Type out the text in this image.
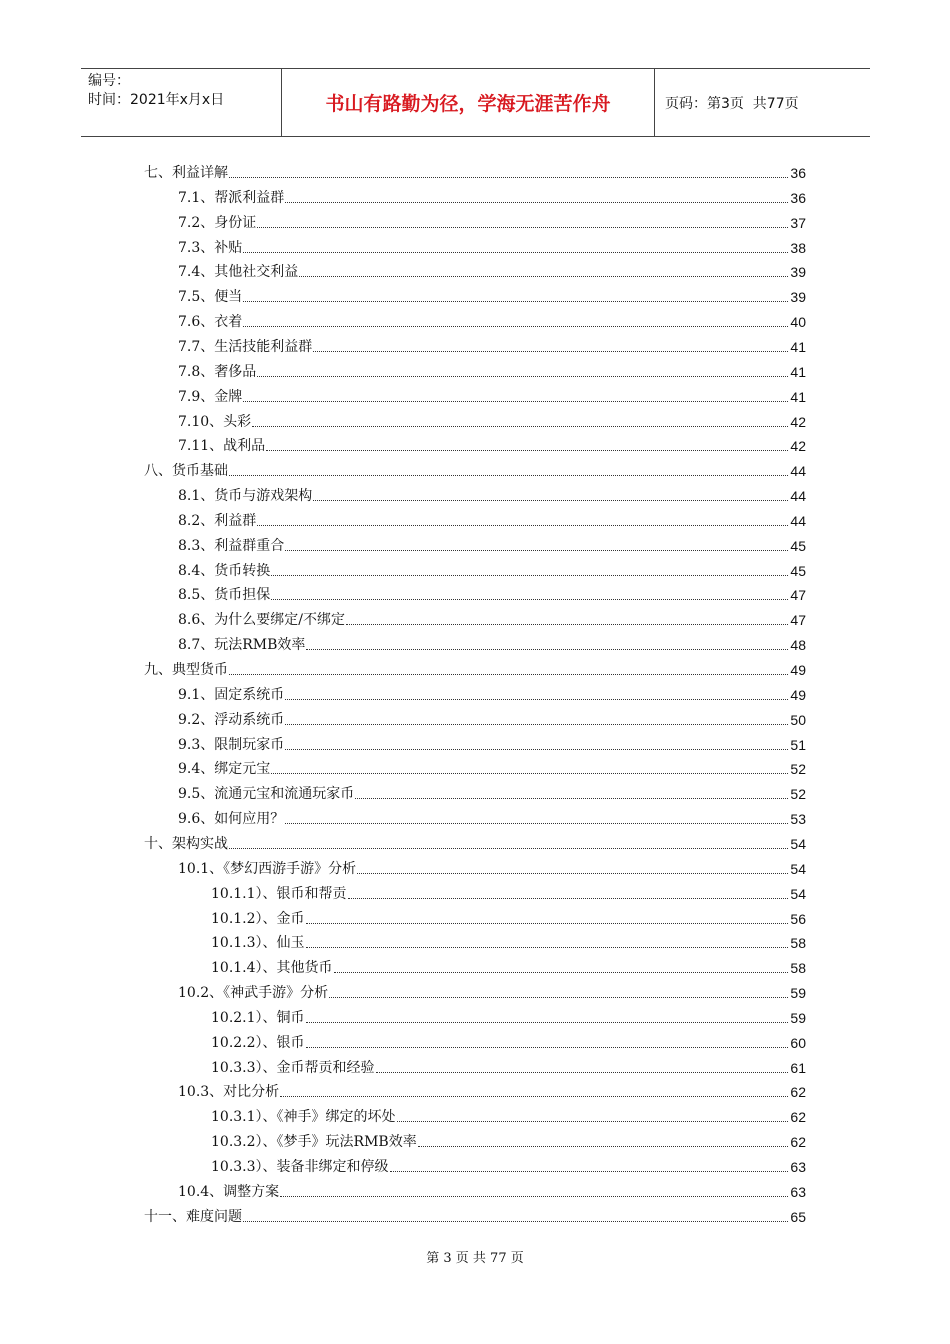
编号：
时间：2021年x月x日	书山有路勤为径，学海无涯苦作舟	页码：第3页  共77页
七、利益详解	36
7.1、帮派利益群	36
7.2、身份证	37
7.3、补贴	38
7.4、其他社交利益	39
7.5、便当	39
7.6、衣着	40
7.7、生活技能利益群	41
7.8、奢侈品	41
7.9、金牌	41
7.10、头彩	42
7.11、战利品	42
八、货币基础	44
8.1、货币与游戏架构	44
8.2、利益群	44
8.3、利益群重合	45
8.4、货币转换	45
8.5、货币担保	47
8.6、为什么要绑定/不绑定	47
8.7、玩法RMB效率	48
九、典型货币	49
9.1、固定系统币	49
9.2、浮动系统币	50
9.3、限制玩家币	51
9.4、绑定元宝	52
9.5、流通元宝和流通玩家币	52
9.6、如何应用？	53
十、架构实战	54
10.1、《梦幻西游手游》分析	54
10.1.1）、银币和帮贡	54
10.1.2）、金币	56
10.1.3）、仙玉	58
10.1.4）、其他货币	58
10.2、《神武手游》分析	59
10.2.1）、铜币	59
10.2.2）、银币	60
10.3.3）、金币帮贡和经验	61
10.3、对比分析	62
10.3.1）、《神手》绑定的坏处	62
10.3.2）、《梦手》玩法RMB效率	62
10.3.3）、装备非绑定和停级	63
10.4、调整方案	63
十一、难度问题	65
第 3 页 共 77 页
